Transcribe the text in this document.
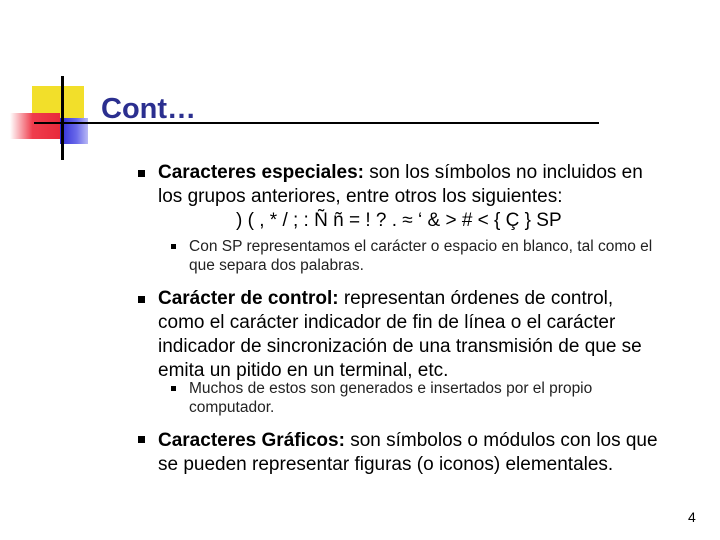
Cont…

Caracteres especiales: son los símbolos no incluidos en
los grupos anteriores, entre otros los siguientes:

) ( , * / ; : Ñ ñ = ! ? . ≈ ‘ & > # < { Ç } SP

Con SP representamos el carácter o espacio en blanco, tal como el que separa dos palabras.

Carácter de control: representan órdenes de control,
como el carácter indicador de fin de línea o el carácter indicador de sincronización de una transmisión de que se emita un pitido en un terminal, etc.

Muchos de estos son generados e insertados por el propio computador.

Caracteres Gráficos: son símbolos o módulos con los que
se pueden representar figuras (o iconos) elementales.

4
